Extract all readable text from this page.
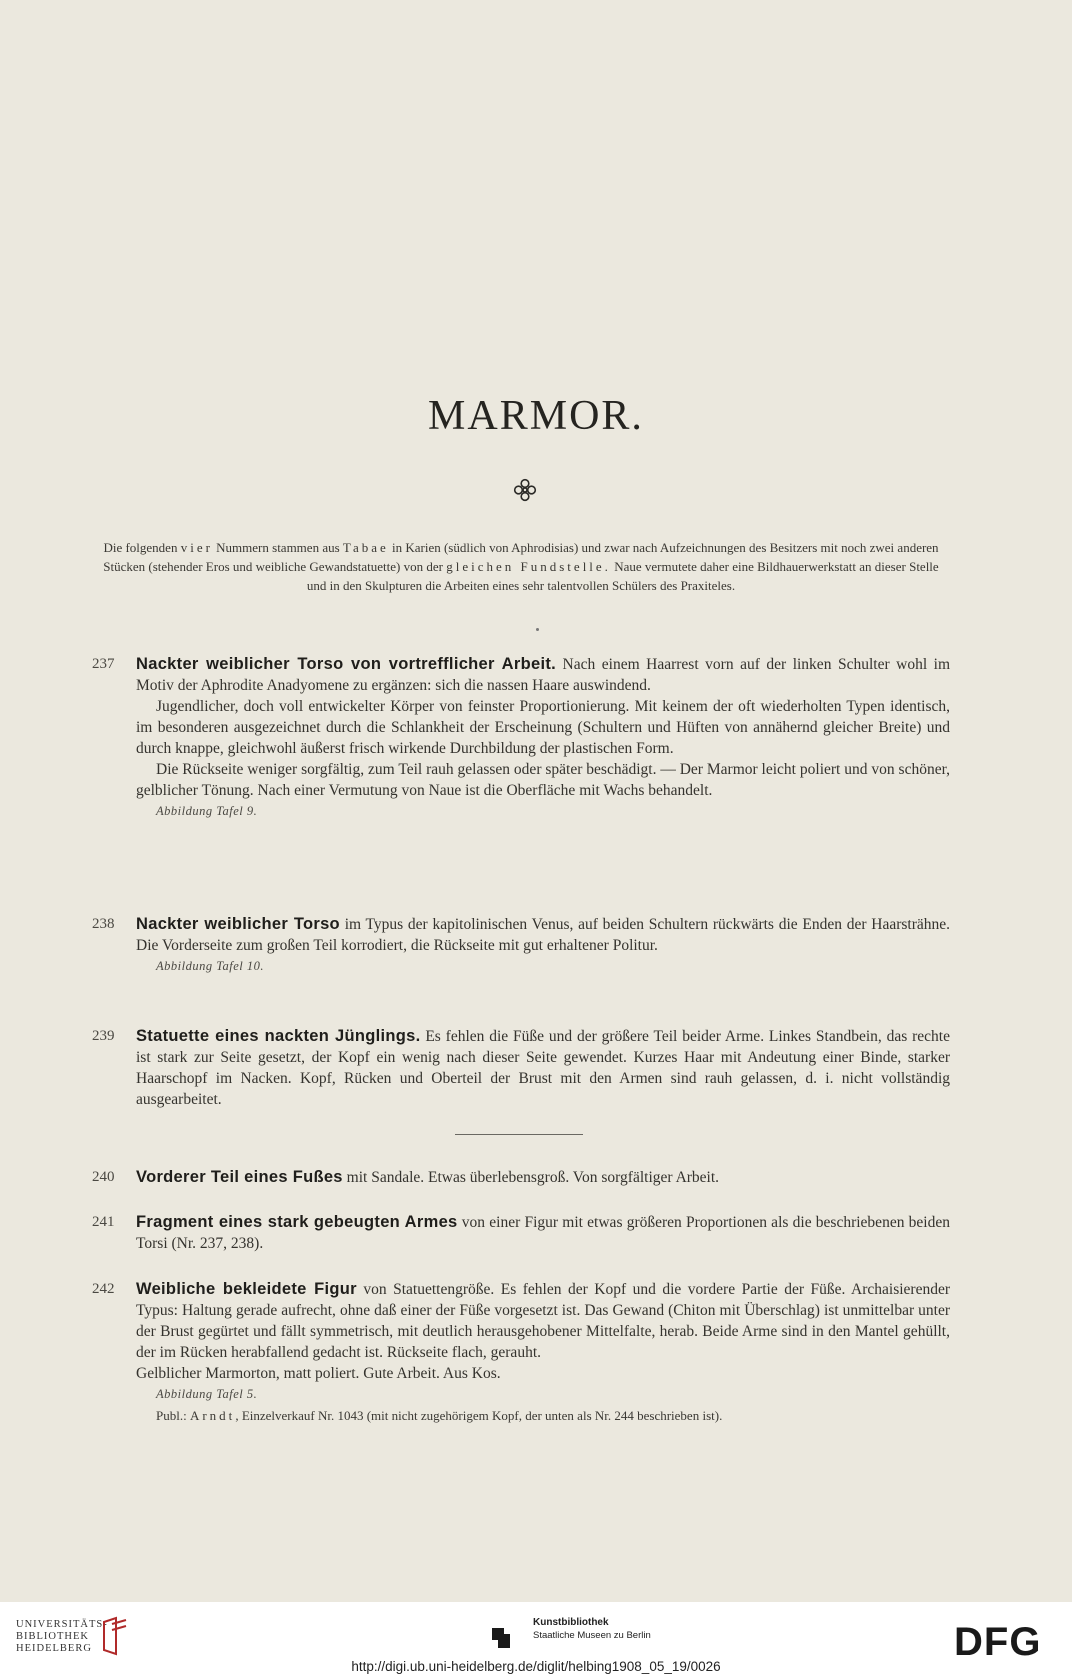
MARMOR.
Die folgenden vier Nummern stammen aus Tabae in Karien (südlich von Aphrodisias) und zwar nach Aufzeichnungen des Besitzers mit noch zwei anderen Stücken (stehender Eros und weibliche Gewandstatuette) von der gleichen Fundstelle. Naue vermutete daher eine Bildhauerwerkstatt an dieser Stelle und in den Skulpturen die Arbeiten eines sehr talentvollen Schülers des Praxiteles.
237	Nackter weiblicher Torso von vortrefflicher Arbeit. Nach einem Haarrest vorn auf der linken Schulter wohl im Motiv der Aphrodite Anadyomene zu ergänzen: sich die nassen Haare auswindend.

Jugendlicher, doch voll entwickelter Körper von feinster Proportionierung. Mit keinem der oft wiederholten Typen identisch, im besonderen ausgezeichnet durch die Schlankheit der Erscheinung (Schultern und Hüften von annähernd gleicher Breite) und durch knappe, gleichwohl äußerst frisch wirkende Durchbildung der plastischen Form.

Die Rückseite weniger sorgfältig, zum Teil rauh gelassen oder später beschädigt. — Der Marmor leicht poliert und von schöner, gelblicher Tönung. Nach einer Vermutung von Naue ist die Oberfläche mit Wachs behandelt.

Abbildung Tafel 9.

238	Nackter weiblicher Torso im Typus der kapitolinischen Venus, auf beiden Schultern rückwärts die Enden der Haarsträhne. Die Vorderseite zum großen Teil korrodiert, die Rückseite mit gut erhaltener Politur.

Abbildung Tafel 10.

239	Statuette eines nackten Jünglings. Es fehlen die Füße und der größere Teil beider Arme. Linkes Standbein, das rechte ist stark zur Seite gesetzt, der Kopf ein wenig nach dieser Seite gewendet. Kurzes Haar mit Andeutung einer Binde, starker Haarschopf im Nacken. Kopf, Rücken und Oberteil der Brust mit den Armen sind rauh gelassen, d. i. nicht vollständig ausgearbeitet.

240	Vorderer Teil eines Fußes mit Sandale. Etwas überlebensgroß. Von sorgfältiger Arbeit.

241	Fragment eines stark gebeugten Armes von einer Figur mit etwas größeren Proportionen als die beschriebenen beiden Torsi (Nr. 237, 238).

242	Weibliche bekleidete Figur von Statuettengröße. Es fehlen der Kopf und die vordere Partie der Füße. Archaisierender Typus: Haltung gerade aufrecht, ohne daß einer der Füße vorgesetzt ist. Das Gewand (Chiton mit Überschlag) ist unmittelbar unter der Brust gegürtet und fällt symmetrisch, mit deutlich herausgehobener Mittelfalte, herab. Beide Arme sind in den Mantel gehüllt, der im Rücken herabfallend gedacht ist. Rückseite flach, gerauht.

Gelblicher Marmorton, matt poliert. Gute Arbeit. Aus Kos.

Abbildung Tafel 5.

Publ.: Arndt, Einzelverkauf Nr. 1043 (mit nicht zugehörigem Kopf, der unten als Nr. 244 beschrieben ist).

UNIVERSITÄTS-
BIBLIOTHEK
HEIDELBERG
Kunstbibliothek
Staatliche Museen zu Berlin	DFG
http://digi.ub.uni-heidelberg.de/diglit/helbing1908_05_19/0026
